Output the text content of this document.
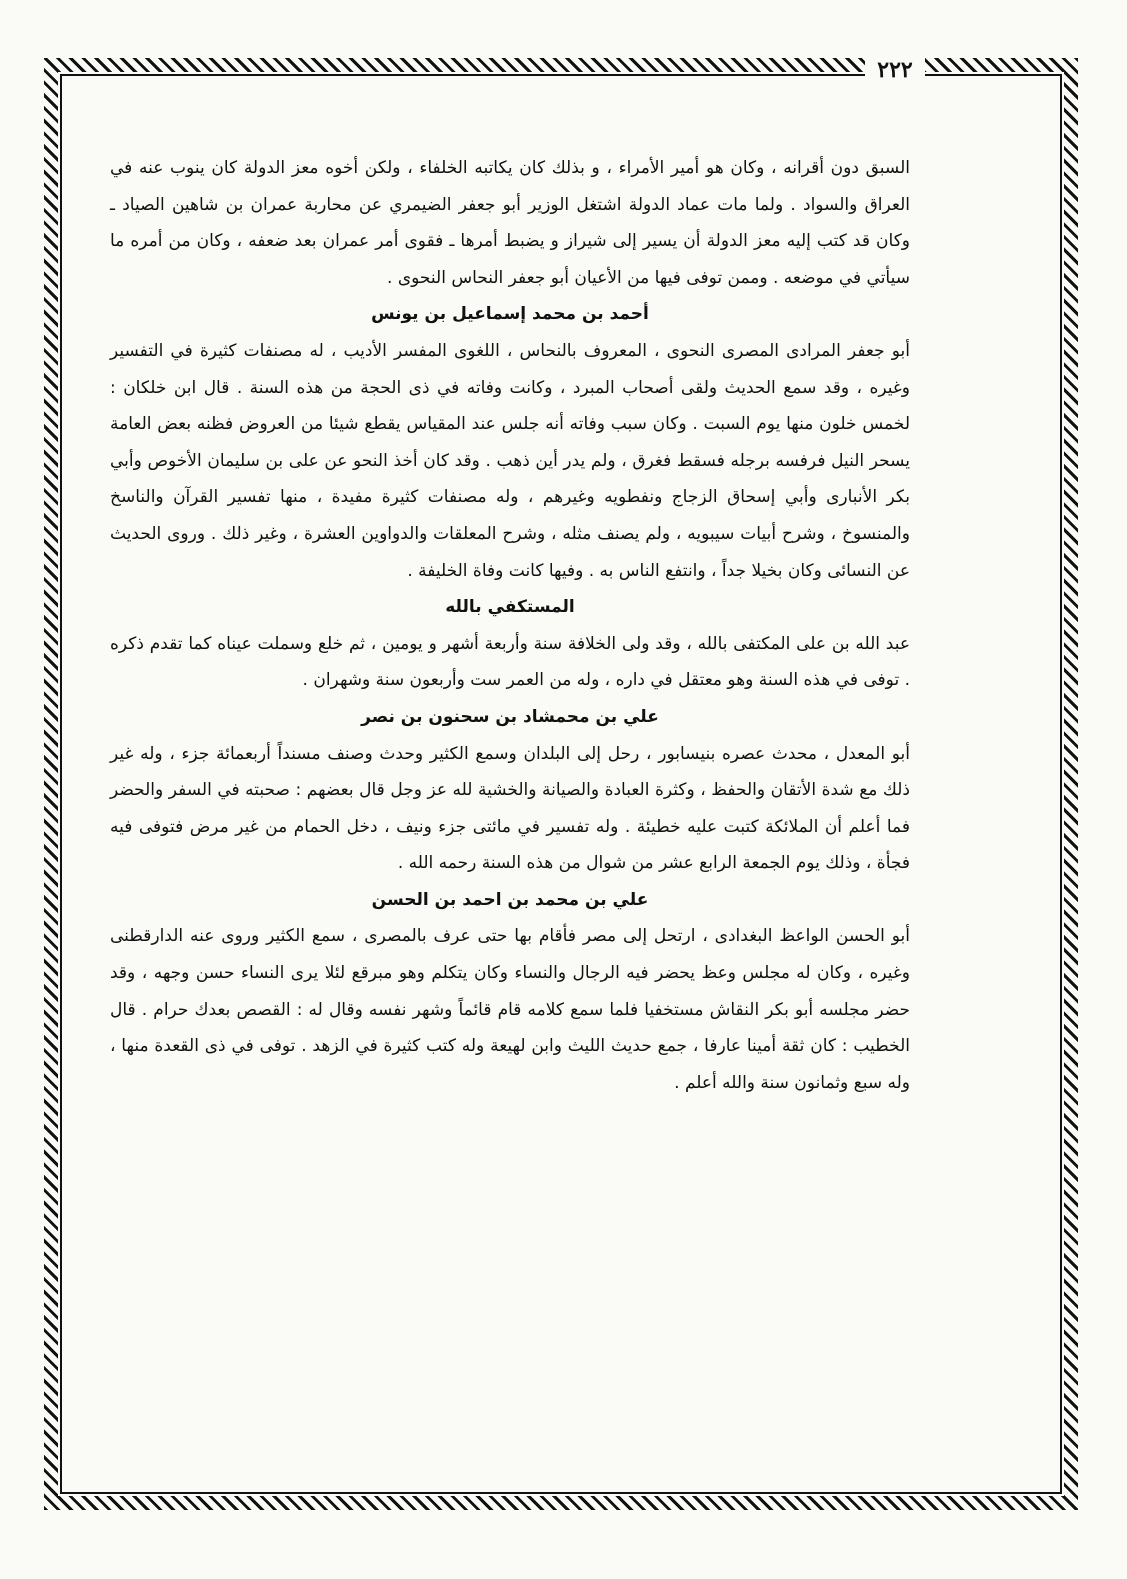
٢٢٢

السبق دون أقرانه ، وكان هو أمير الأمراء ، و بذلك كان يكاتبه الخلفاء ، ولكن أخوه معز الدولة كان ينوب عنه في العراق والسواد . ولما مات عماد الدولة اشتغل الوزير أبو جعفر الضيمري عن محاربة عمران بن شاهين الصياد ـ وكان قد كتب إليه معز الدولة أن يسير إلى شيراز و يضبط أمرها ـ فقوى أمر عمران بعد ضعفه ، وكان من أمره ما سيأتي في موضعه . وممن توفى فيها من الأعيان أبو جعفر النحاس النحوى .

أحمد بن محمد إسماعيل بن يونس

أبو جعفر المرادى المصرى النحوى ، المعروف بالنحاس ، اللغوى المفسر الأديب ، له مصنفات كثيرة في التفسير وغيره ، وقد سمع الحديث ولقى أصحاب المبرد ، وكانت وفاته في ذى الحجة من هذه السنة . قال ابن خلكان : لخمس خلون منها يوم السبت . وكان سبب وفاته أنه جلس عند المقياس يقطع شيئا من العروض فظنه بعض العامة يسحر النيل فرفسه برجله فسقط فغرق ، ولم يدر أين ذهب . وقد كان أخذ النحو عن على بن سليمان الأخوص وأبي بكر الأنبارى وأبي إسحاق الزجاج ونفطويه وغيرهم ، وله مصنفات كثيرة مفيدة ، منها تفسير القرآن والناسخ والمنسوخ ، وشرح أبيات سيبويه ، ولم يصنف مثله ، وشرح المعلقات والدواوين العشرة ، وغير ذلك . وروى الحديث عن النسائى وكان بخيلا جداً ، وانتفع الناس به . وفيها كانت وفاة الخليفة .

المستكفي بالله

عبد الله بن على المكتفى بالله ، وقد ولى الخلافة سنة وأربعة أشهر و يومين ، ثم خلع وسملت عيناه كما تقدم ذكره . توفى في هذه السنة وهو معتقل في داره ، وله من العمر ست وأربعون سنة وشهران .

علي بن محمشاد بن سحنون بن نصر

أبو المعدل ، محدث عصره بنيسابور ، رحل إلى البلدان وسمع الكثير وحدث وصنف مسنداً أربعمائة جزء ، وله غير ذلك مع شدة الأتقان والحفظ ، وكثرة العبادة والصيانة والخشية لله عز وجل قال بعضهم : صحبته في السفر والحضر فما أعلم أن الملائكة كتبت عليه خطيئة . وله تفسير في مائتى جزء ونيف ، دخل الحمام من غير مرض فتوفى فيه فجأة ، وذلك يوم الجمعة الرابع عشر من شوال من هذه السنة رحمه الله .

علي بن محمد بن احمد بن الحسن

أبو الحسن الواعظ البغدادى ، ارتحل إلى مصر فأقام بها حتى عرف بالمصرى ، سمع الكثير وروى عنه الدارقطنى وغيره ، وكان له مجلس وعظ يحضر فيه الرجال والنساء وكان يتكلم وهو مبرقع لئلا يرى النساء حسن وجهه ، وقد حضر مجلسه أبو بكر النقاش مستخفيا فلما سمع كلامه قام قائماً وشهر نفسه وقال له : القصص بعدك حرام . قال الخطيب : كان ثقة أمينا عارفا ، جمع حديث الليث وابن لهيعة وله كتب كثيرة في الزهد . توفى في ذى القعدة منها ، وله سبع وثمانون سنة والله أعلم .
